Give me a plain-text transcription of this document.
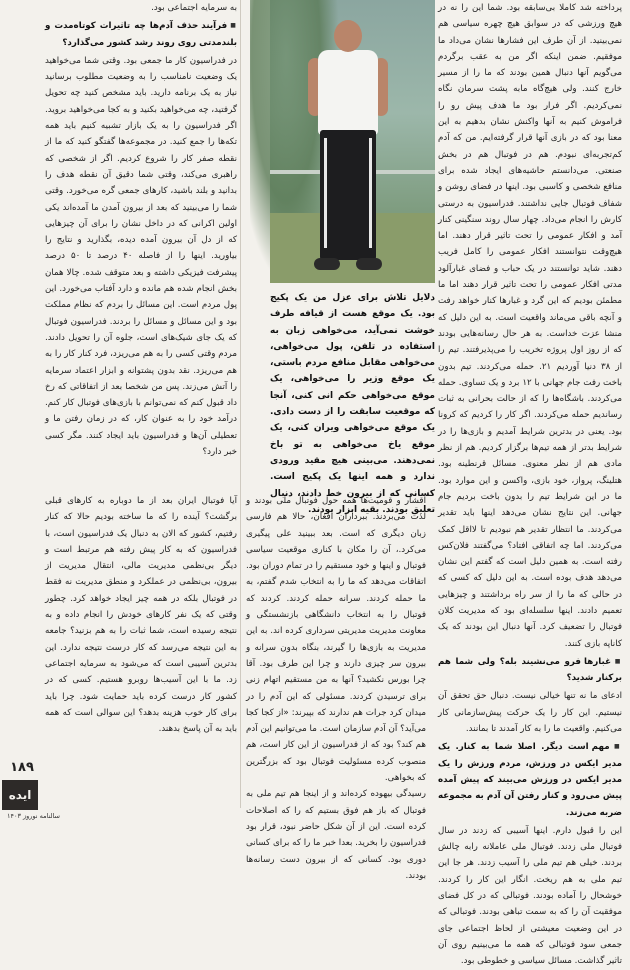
پرداخته شد کاملا بی‌سابقه بود. شما این را نه در هیچ ورزشی که در سوابق هیچ چهره سیاسی هم نمی‌بینید. از آن طرف این فشارها نشان می‌داد ما موفقیم. ضمن اینکه اگر من به عقب برگردم می‌گویم آنها دنبال همین بودند که ما را از مسیر خارج کنند. ولی هیچ‌گاه مابه پشت سرمان نگاه نمی‌کردیم. اگر فرار بود ما هدف پیش رو را فراموش کنیم به آنها واکنش نشان بدهیم به این معنا بود که در بازی آنها قرار گرفته‌ایم. من که آدم کم‌تجربه‌ای نبودم. هم در فوتبال هم در بخش صنعتی. می‌دانستم حاشیه‌های ایجاد شده برای منافع شخصی و کاسبی بود. اینها در فضای روشن و شفاف فوتبال جایی نداشتند. فدراسیون به درستی کارش را انجام می‌داد. چهار سال روند سنگینی کنار آمد و افکار عمومی را تحت تاثیر قرار دهند. اما هیچ‌وقت نتوانستند افکار عمومی را کامل فریب دهند. شاید توانستند در یک حباب و فضای غبارآلود مدتی افکار عمومی را تحت تاثیر قرار دهند اما ما مطمئن بودیم که این گرد و غبارها کنار خواهد رفت و آنچه باقی می‌ماند واقعیت است. به این دلیل که منشا عزت خداست. به هر حال رسانه‌هایی بودند که از روز اول پروژه تخریب را می‌پذیرفتند. تیم را از ۳۸ دنیا آوردیم ۲۱. حمله می‌کردند. تیم بدون باخت رفت جام جهانی با ۱۲ برد و یک تساوی. حمله می‌کردند. باشگاه‌ها را که از حالت بحرانی به ثبات رساندیم حمله می‌کردند. اگر کار را کردیم که کرونا بود. یعنی در بدترین شرایط آمدیم و بازی‌ها را در شرایط بدتر از همه تیم‌ها برگزار کردیم. هم از نظر مادی هم از نظر معنوی. مسائل قرنطینه بود. هتلینگ، پرواز، خود بازی، واکسن و این موارد بود. ما در این شرایط تیم را بدون باخت بردیم جام جهانی. این نتایج نشان می‌دهد اینها باید تقدیر می‌کردند. ما انتظار تقدیر هم نبودیم تا لااقل کمک می‌کردند. اما چه اتفاقی افتاد؟ می‌گفتند فلان‌کس رفته است. به همین دلیل است که گفتم این نشان می‌دهد هدف بوده است. به این دلیل که کسی که در حالی که ما را از سر راه برداشتند و چیزهایی تعمیم دادند. اینها سلسله‌ای بود که مدیریت کلان فوتبال را تضعیف کرد. آنها دنبال این بودند که یک کاناپه بازی کنند.

■ غبارها فرو می‌نشیند بله؟ ولی شما هم برکنار شدید؟

ادعای ما نه تنها خیالی نیست. دنبال حق تحقق آن نیستیم. این کار را یک حرکت پیش‌سازمانی کار می‌کنیم. واقعیت ما را به کار آمدند تا بمانند.

■ مهم است دیگر. اصلا شما به کنار. یک مدیر ایکس در ورزش، مردم ورزش را یک مدیر ایکس در ورزش می‌بیند که پیش آمده پیش می‌رود و کنار رفتن آن آدم به مجموعه ضربه می‌زند.

این را قبول دارم. اینها آسیبی که زدند در سال فوتبال ملی زدند. فوتبال ملی عاملانه رابه چالش بردند. خیلی هم تیم ملی را آسیب زدند. هر جا این تیم ملی به هم ریخت. انگار این کار را کردند. خوشحال را آماده بودند. فوتبالی که در کل فضای موفقیت آن را که به سمت تباهی بودند. فوتبالی که در این وضعیت معیشتی از لحاظ اجتماعی جای جمعی سود فوتبالی که همه ما می‌بینیم روی آن تاثیر گذاشت. مسائل سیاسی و خطوطی بود.

دلایل تلاش برای عزل من یک پکیج بود. یک موقع هست از قیافه طرف خوشت نمی‌آید، می‌خواهی زبان به استفاده در تلفن، پول می‌خواهی، می‌خواهی مقابل منافع مردم باستی، یک موقع وزیر را می‌خواهی، یک موقع می‌خواهی حکم انی کنی، آنجا که موقعیت سابقت را از دست دادی. یک موقع می‌خواهی ویران کنی، یک موقع یاخ می‌خواهی به تو باخ نمی‌دهند. می‌بینی هیچ مقید ورودی ندارد و همه اینها یک پکیج است. کسانی که از بیرون خط دادند، دنبال تعلیق بودند. بقیه ابزار بودند.

اقشار و قومیت‌ها همه حول فوتبال ملی بودند و لذت می‌بردند. ببرداران افغان، حالا هم فارسی زبان دیگری که است. بعد ببینید علی پیگیری می‌کرد.، آن را مکان با کناری موقعیت سیاسی فوتبال و اینها و خود مستقیم را در تمام دوران بود. اتفاقات می‌دهد که ما را به انتخاب شدم گفتم، به ما حمله کردند. سرانه حمله کردند. کردند که فوتبال را به انتخاب دانشگاهی بازنشستگی و معاونت مدیریت مدیریتی سرداری کرده اند. به این مدیریت به بازی‌ها را گیرند، بنگاه بدون سرانه و بیرون سر چیزی دارند و چرا این طرف بود. آقا چرا بورس نکشید؟ آنها به من مستقیم اتهام زنی برای ترسیدن کردند. مسئولی که این آدم را در میدان کرد جرات هم ندارند که بپیرند: «از کجا کجا می‌آید؟ آن آدم سازمان است. ما می‌توانیم این آدم هم کند؟ بود که از فدراسیون از این کار است، هم منصوب کرده مسئولیت فوتبال بود که بزرگترین که بخواهی.

رسیدگی بیهوده کرده‌اند و از اینجا هم تیم ملی به فوتبال که باز هم فوق بستیم که را که اصلاحات کرده است. این از آن شکل حاضر نبود، قرار بود فدراسیون را بخرید. بعدا خبر ما را که برای کسانی دوری بود. کسانی که از بیرون دست رسانه‌ها بودند.

به سرمایه اجتماعی بود.

■ فرآیند حذف آدم‌ها چه تاثیرات کوتاه‌مدت و بلندمدتی روی روند رشد کشور می‌گذارد؟

در فدراسیون کار ما جمعی بود. وقتی شما می‌خواهید یک وضعیت نامناسب را به وضعیت مطلوب برسانید نیاز به یک برنامه دارید. باید مشخص کنید چه تحویل گرفتید، چه می‌خواهید بکنید و به کجا می‌خواهید بروید. اگر فدراسیون را به یک بازار تشبیه کنیم باید همه تکه‌ها را جمع کنید. در مجموعه‌ها گفتگو کنید که ما از نقطه صفر کار را شروع کردیم. اگر از شخصی که راهبری می‌کند، وقتی شما دقیق آن نقطه هدف را بدانید و بلند باشید، کارهای جمعی گره می‌خورد. وقتی شما را می‌بینید که بعد از بیرون آمدن ما آمده‌اند یکی اولین اکرانی که در داخل نشان را برای آن چیزهایی که از دل آن بیرون آمده دیده، بگذارید و نتایج را بیاورید. اینها را از فاصله ۴۰ درصد تا ۵۰ درصد پیشرفت فیزیکی داشته و بعد متوقف شده. چالا همان بخش انجام شده هم مانده و دارد آفتاب می‌خورد. این پول مردم است. این مسائل را بردم که نظام مملکت بود و این مسائل و مسائل را بردند. فدراسیون فوتبال که یک جای شیک‌های است، جلوه آن را تحویل دادند. مردم وقتی کسی را به هم می‌ریزد، فرد کنار کار را به هم می‌ریزد. نقد بدون پشتوانه و ابزار اعتماد سرمایه را آتش می‌زند. پس من شخصا بعد از اتفاقاتی که رخ داد قبول کنم که نمی‌توانم با بازی‌های فوتبال کار کنم. درآمد خود را به عنوان کار، که در زمان رفتن ما و تعطیلی آن‌ها و فدراسیون باید ایجاد کنند. مگر کسی خبر دارد؟

آیا فوتبال ایران بعد از ما دوباره به کارهای قبلی برگشت؟ آینده را که ما ساخته بودیم حالا که کنار رفتیم، کشور که الان به دنبال یک فدراسیون است، با فدراسیون که به کار پیش رفته هم مرتبط است و دیگر بی‌نظمی مدیریت مالی، انتقال مدیریت از بیرون، بی‌نظمی در عملکرد و منطق مدیریت نه فقط در فوتبال بلکه در همه چیز ایجاد خواهد کرد. چطور وقتی که یک نفر کارهای خودش را انجام داده و به نتیجه رسیده است، شما ثبات را به هم بزنید؟ جامعه به این نتیجه می‌رسد که کار درست نتیجه ندارد. این بدترین آسیبی است که می‌شود به سرمایه اجتماعی زد. ما با این آسیب‌ها روبرو هستیم. کسی که در کشور کار درست کرده باید حمایت شود. چرا باید برای کار خوب هزینه بدهد؟ این سوالی است که همه باید به آن پاسخ بدهند.

۱۸۹
ایده
سالنامه نوروز ۱۴۰۳
